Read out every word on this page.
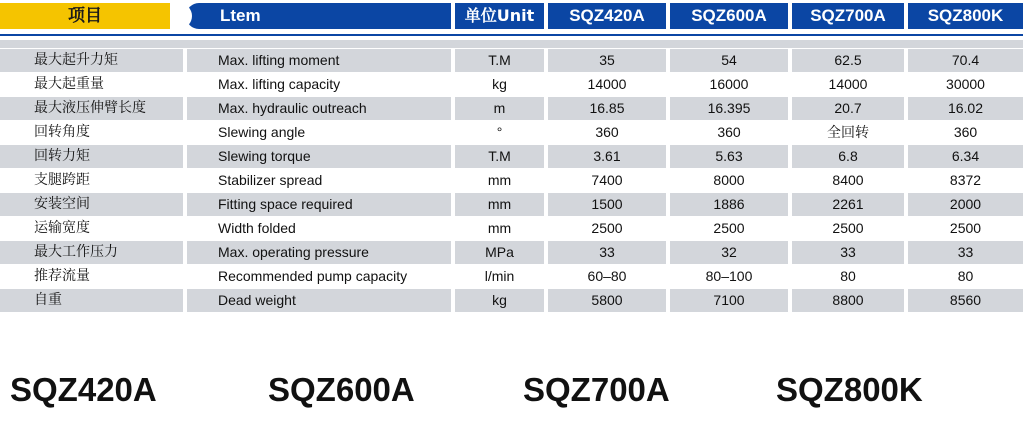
项目	Ltem	单位Unit	SQZ420A	SQZ600A	SQZ700A	SQZ800K
最大起升力矩	Max. lifting moment	T.M	35	54	62.5	70.4
最大起重量	Max. lifting capacity	kg	14000	16000	14000	30000
最大液压伸臂长度	Max. hydraulic outreach	m	16.85	16.395	20.7	16.02
回转角度	Slewing angle	°	360	360	全回转	360
回转力矩	Slewing torque	T.M	3.61	5.63	6.8	6.34
支腿跨距	Stabilizer spread	mm	7400	8000	8400	8372
安装空间	Fitting space required	mm	1500	1886	2261	2000
运输宽度	Width folded	mm	2500	2500	2500	2500
最大工作压力	Max. operating pressure	MPa	33	32	33	33
推荐流量	Recommended pump capacity	l/min	60–80	80–100	80	80
自重	Dead weight	kg	5800	7100	8800	8560
SQZ420A	SQZ600A	SQZ700A	SQZ800K
